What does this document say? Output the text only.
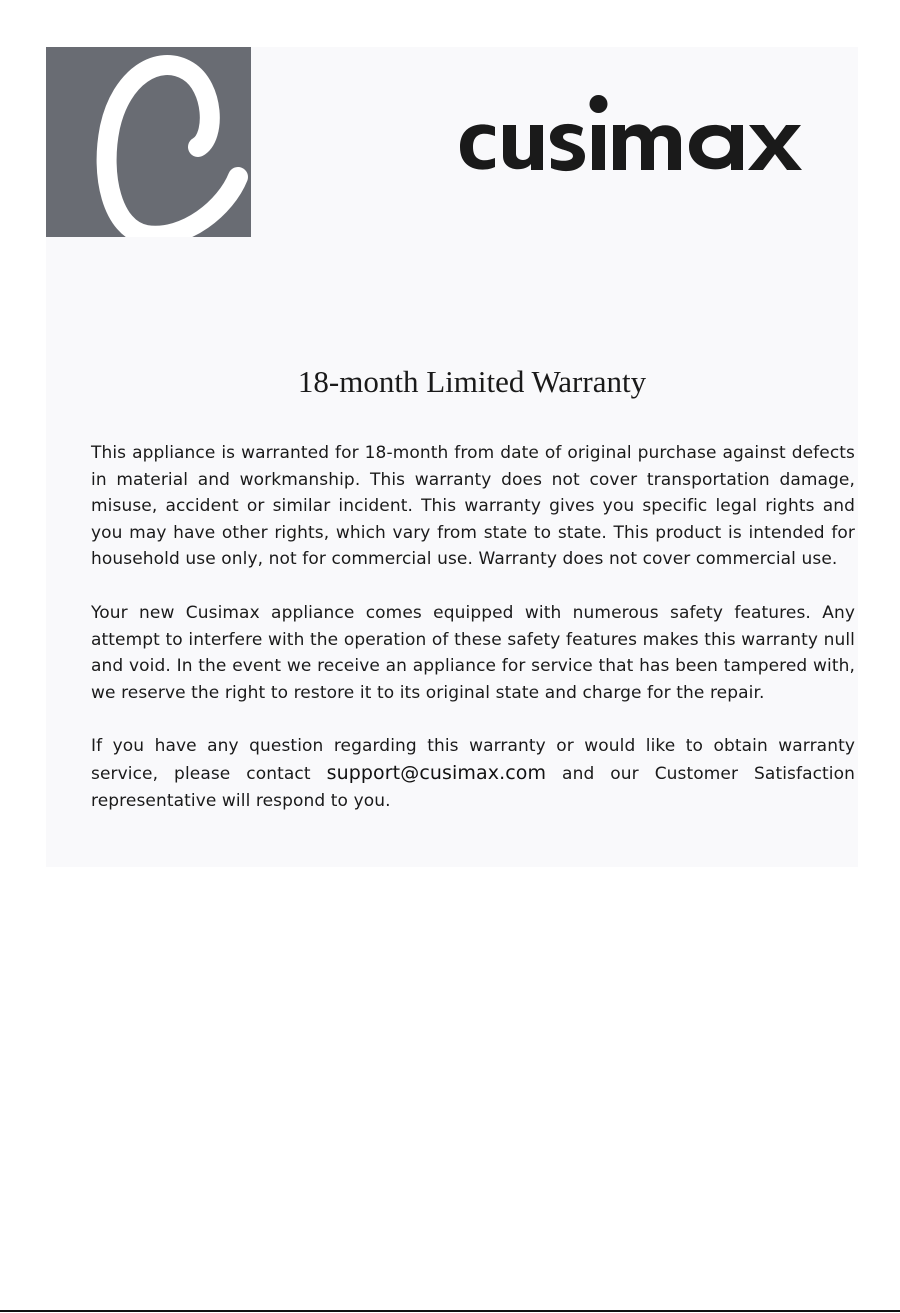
18-month Limited Warranty

This appliance is warranted for 18-month from date of original purchase against defects in material and workmanship. This warranty does not cover transportation damage, misuse, accident or similar incident. This warranty gives you specific legal rights and you may have other rights, which vary from state to state. This product is intended for household use only, not for commercial use. Warranty does not cover commercial use.

Your new Cusimax appliance comes equipped with numerous safety features. Any attempt to interfere with the operation of these safety features makes this warranty null and void. In the event we receive an appliance for service that has been tampered with, we reserve the right to restore it to its original state and charge for the repair.

If you have any question regarding this warranty or would like to obtain warranty service, please contact support@cusimax.com and our Customer Satisfaction representative will respond to you.
